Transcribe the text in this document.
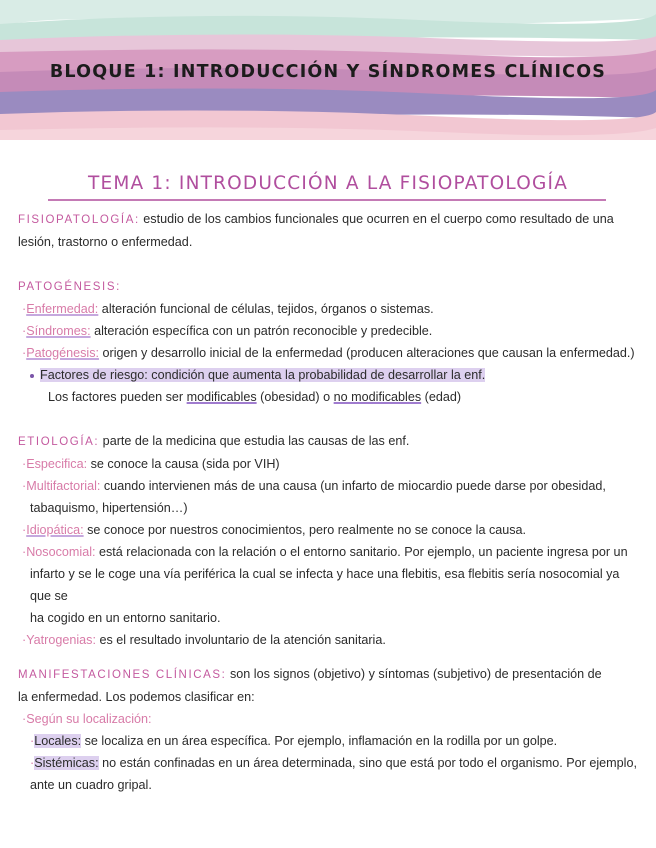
BLOQUE 1: INTRODUCCIÓN Y SÍNDROMES CLÍNICOS
TEMA 1: INTRODUCCIÓN A LA FISIOPATOLOGÍA

FISIOPATOLOGÍA: estudio de los cambios funcionales que ocurren en el cuerpo como resultado de una

lesión, trastorno o enfermedad.

PATOGÉNESIS:

·Enfermedad: alteración funcional de células, tejidos, órganos o sistemas.

·Síndromes: alteración específica con un patrón reconocible y predecible.

·Patogénesis: origen y desarrollo inicial de la enfermedad (producen alteraciones que causan la enfermedad.)

Factores de riesgo: condición que aumenta la probabilidad de desarrollar la enf.

Los factores pueden ser modificables (obesidad) o no modificables (edad)

ETIOLOGÍA: parte de la medicina que estudia las causas de las enf.

·Especifica: se conoce la causa (sida por VIH)

·Multifactorial: cuando intervienen más de una causa (un infarto de miocardio puede darse por obesidad,

tabaquismo, hipertensión…)

·Idiopática: se conoce por nuestros conocimientos, pero realmente no se conoce la causa.

·Nosocomial: está relacionada con la relación o el entorno sanitario. Por ejemplo, un paciente ingresa por un

infarto y se le coge una vía periférica la cual se infecta y hace una flebitis, esa flebitis sería nosocomial ya que se

ha cogido en un entorno sanitario.

·Yatrogenias: es el resultado involuntario de la atención sanitaria.

MANIFESTACIONES CLÍNICAS: son los signos (objetivo) y síntomas (subjetivo) de presentación de

la enfermedad. Los podemos clasificar en:

·Según su localización:

·Locales: se localiza en un área específica. Por ejemplo, inflamación en la rodilla por un golpe.

·Sistémicas: no están confinadas en un área determinada, sino que está por todo el organismo. Por ejemplo,

ante un cuadro gripal.
